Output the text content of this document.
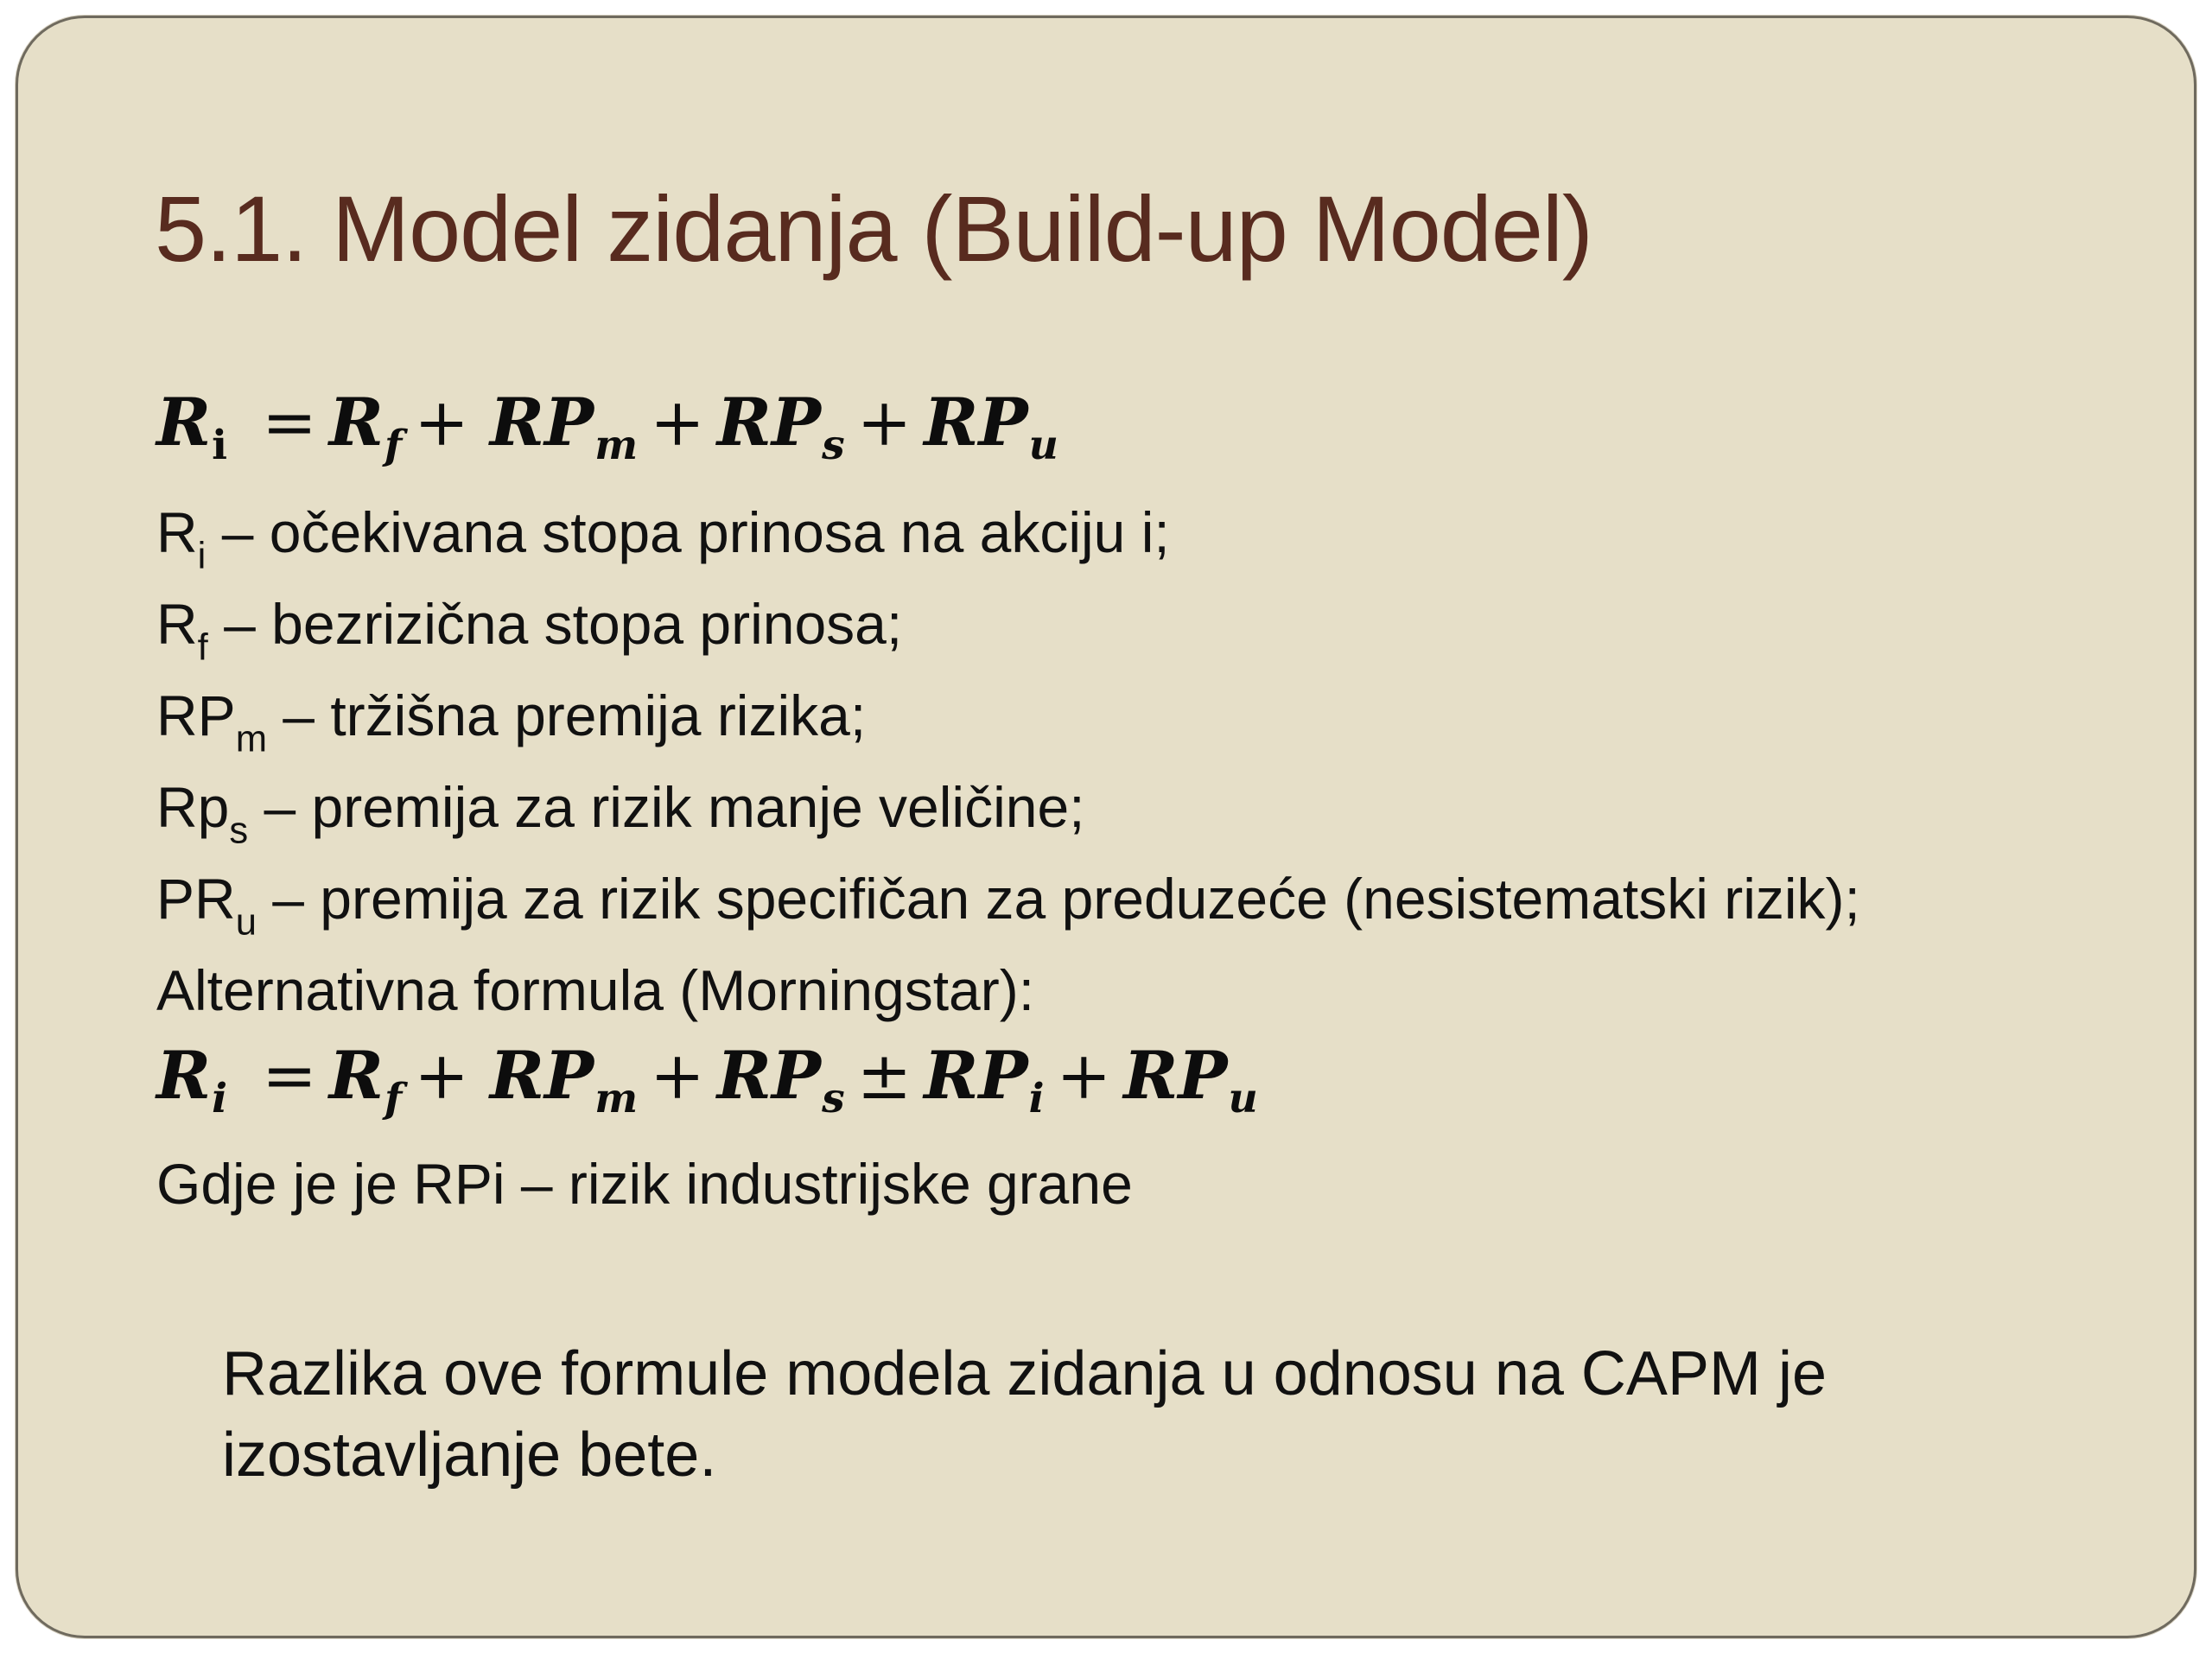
5.1. Model zidanja (Build-up Model)
$R_i = R_f + RP_m + RP_s + RP_u$
$R_i$ – očekivana stopa prinosa na akciju i;
$R_f$ – bezrizična stopa prinosa;
$RP_m$ – tržišna premija rizika;
$Rp_s$ – premija za rizik manje veličine;
$PR_u$ – premija za rizik specifičan za preduzeće (nesistematski rizik);
Alternativna formula (Morningstar):
$R_i = R_f + RP_m + RP_s \pm RP_i + RP_u$
Gdje je je RPi – rizik industrijske grane
Razlika ove formule modela zidanja u odnosu na CAPM je izostavljanje bete.
